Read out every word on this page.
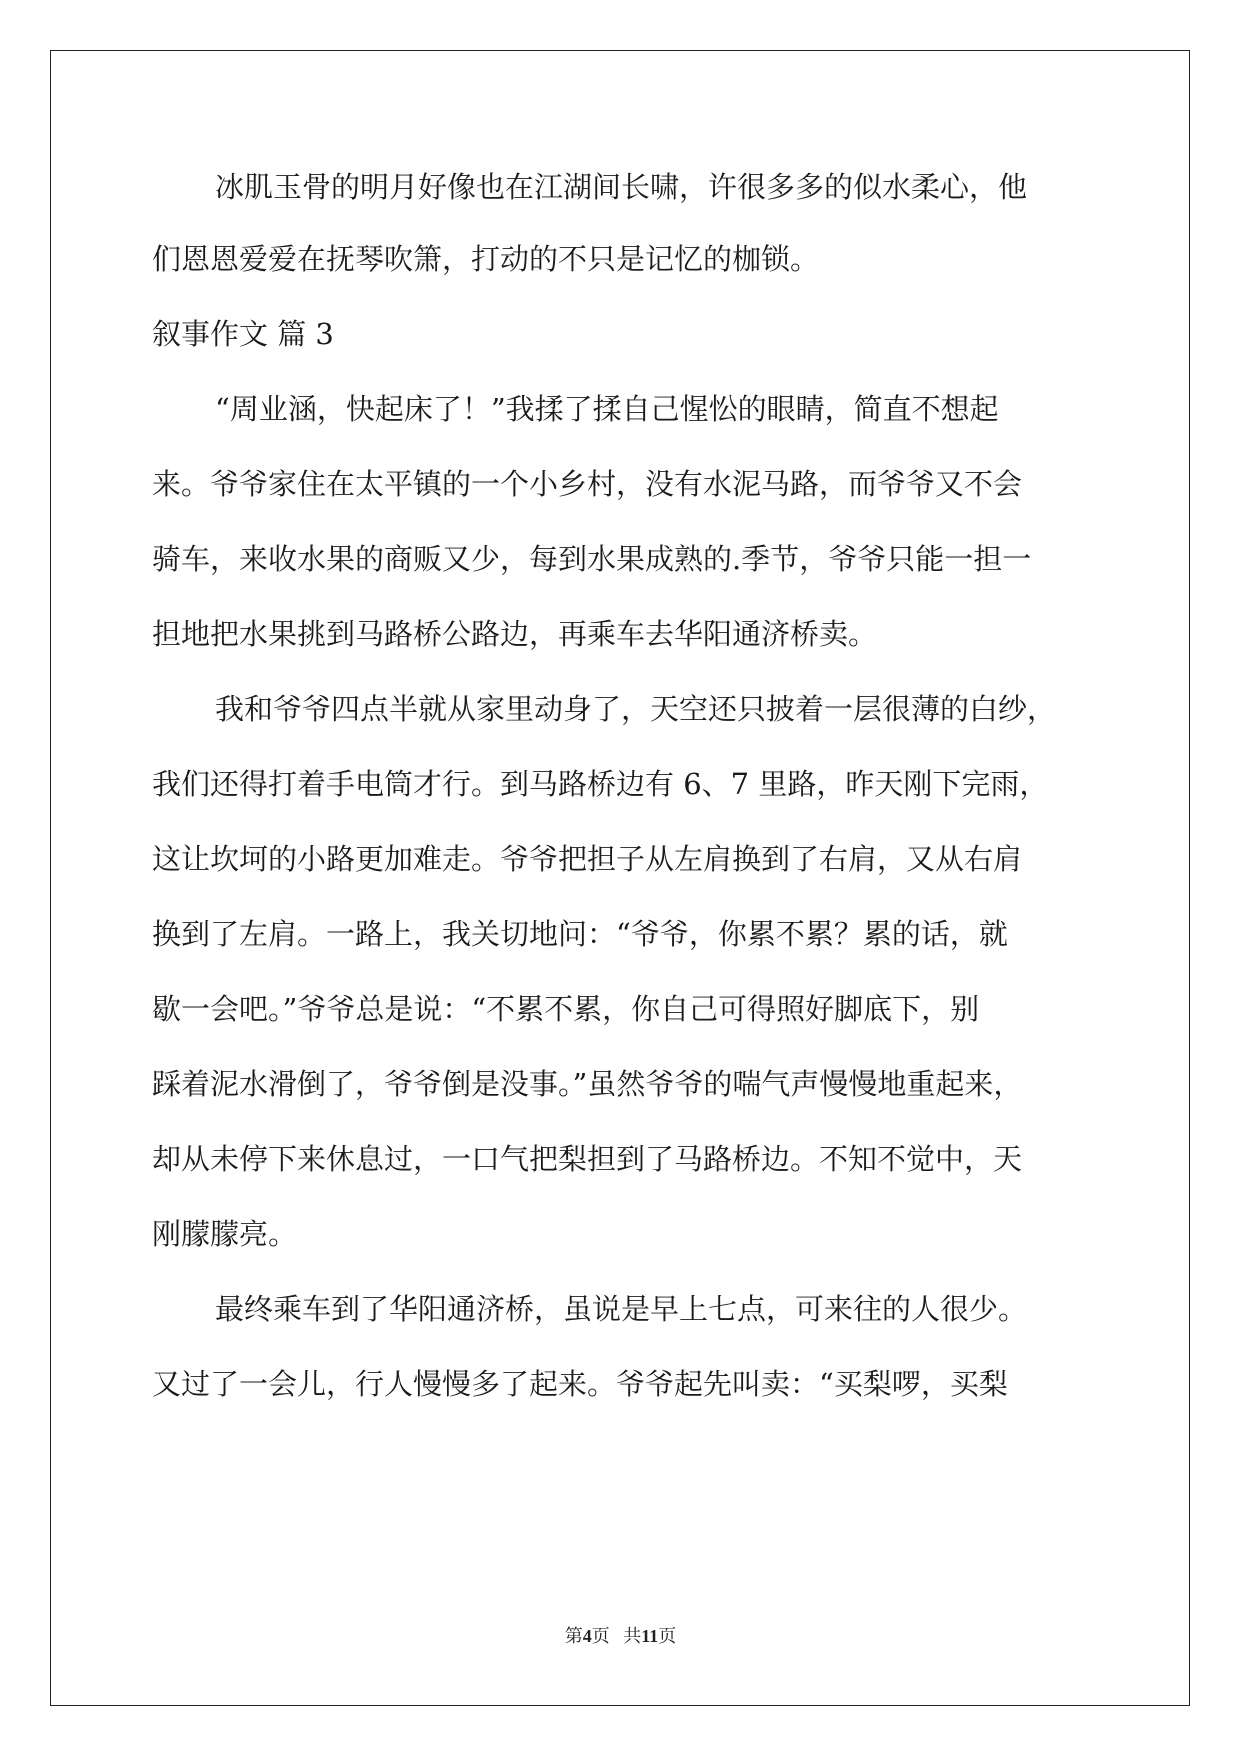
冰肌玉骨的明月好像也在江湖间长啸，许很多多的似水柔心，他
们恩恩爱爱在抚琴吹箫，打动的不只是记忆的枷锁。
叙事作文 篇 3
“周业涵，快起床了！”我揉了揉自己惺忪的眼睛，简直不想起
来。爷爷家住在太平镇的一个小乡村，没有水泥马路，而爷爷又不会
骑车，来收水果的商贩又少，每到水果成熟的.季节，爷爷只能一担一
担地把水果挑到马路桥公路边，再乘车去华阳通济桥卖。
我和爷爷四点半就从家里动身了，天空还只披着一层很薄的白纱，
我们还得打着手电筒才行。到马路桥边有 6、7 里路，昨天刚下完雨，
这让坎坷的小路更加难走。爷爷把担子从左肩换到了右肩，又从右肩
换到了左肩。一路上，我关切地问：“爷爷，你累不累？累的话，就
歇一会吧。”爷爷总是说：“不累不累，你自己可得照好脚底下，别
踩着泥水滑倒了，爷爷倒是没事。”虽然爷爷的喘气声慢慢地重起来，
却从未停下来休息过，一口气把梨担到了马路桥边。不知不觉中，天
刚朦朦亮。
最终乘车到了华阳通济桥，虽说是早上七点，可来往的人很少。
又过了一会儿，行人慢慢多了起来。爷爷起先叫卖：“买梨啰，买梨
第4页 共11页
